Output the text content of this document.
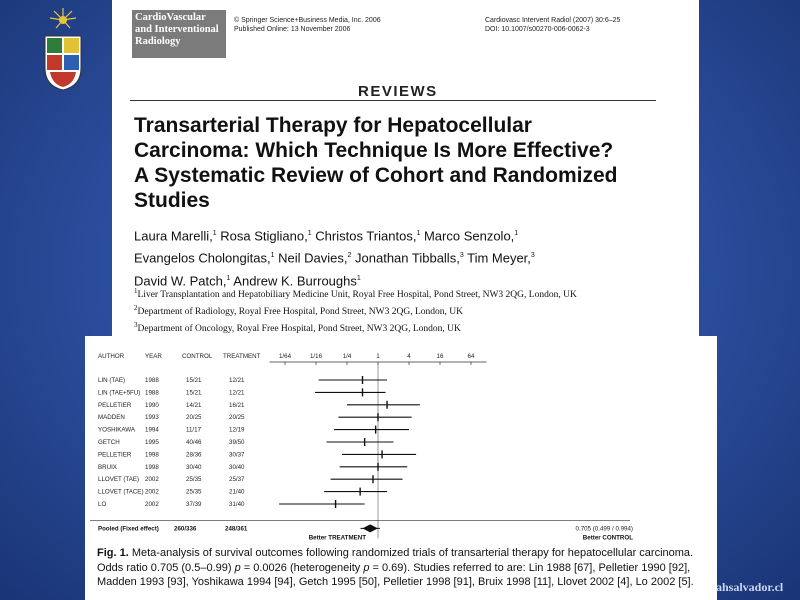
CardioVascular
and Interventional
Radiology
© Springer Science+Business Media, Inc. 2006
Published Online: 13 November 2006
Cardiovasc Intervent Radiol (2007) 30:6–25
DOI: 10.1007/s00270-006-0062-3
REVIEWS
Transarterial Therapy for Hepatocellular
Carcinoma: Which Technique Is More Effective?
A Systematic Review of Cohort and Randomized
Studies
Laura Marelli,$^1$ Rosa Stigliano,$^1$ Christos Triantos,$^1$ Marco Senzolo,$^1$
Evangelos Cholongitas,$^1$ Neil Davies,$^2$ Jonathan Tibballs,$^3$ Tim Meyer,$^3$
David W. Patch,$^1$ Andrew K. Burroughs$^1$
$^1$Liver Transplantation and Hepatobiliary Medicine Unit, Royal Free Hospital, Pond Street, NW3 2QG, London, UK
$^2$Department of Radiology, Royal Free Hospital, Pond Street, NW3 2QG, London, UK
$^3$Department of Oncology, Royal Free Hospital, Pond Street, NW3 2QG, London, UK
AUTHOR	YEAR	CONTROL TREATMENT	1/64	1/16	1/4	1	4	16	64
LIN (TAE)	1988	15/21	12/21
LIN (TAE+5FU) 1988	15/21	12/21
PELLETIER 1990	14/21	16/21
MADDEN	1993	20/25	20/25
YOSHIKAWA 1994	11/17	12/19
GETCH	1995	40/46	39/50
PELLETIER 1998	28/36	30/37
BRUIX	1998	30/40	30/40
LLOVET (TAE) 2002	25/35	25/37
LLOVET (TACE) 2002	25/35	21/40
LO	2002	37/39	31/40
Pooled (Fixed effect) 260/336	248/361	0.705 (0.499 / 0.994)
Better TREATMENT	Better CONTROL
Fig. 1. Meta-analysis of survival outcomes following randomized trials of transarterial therapy for hepatocellular carcinoma.
Odds ratio 0.705 (0.5–0.99) p = 0.0026 (heterogeneity p = 0.69). Studies referred to are: Lin 1988 [67], Pelletier 1990 [92],
Madden 1993 [93], Yoshikawa 1994 [94], Getch 1995 [50], Pelletier 1998 [91], Bruix 1998 [11], Llovet 2002 [4], Lo 2002 [5].	ahsalvador.cl
